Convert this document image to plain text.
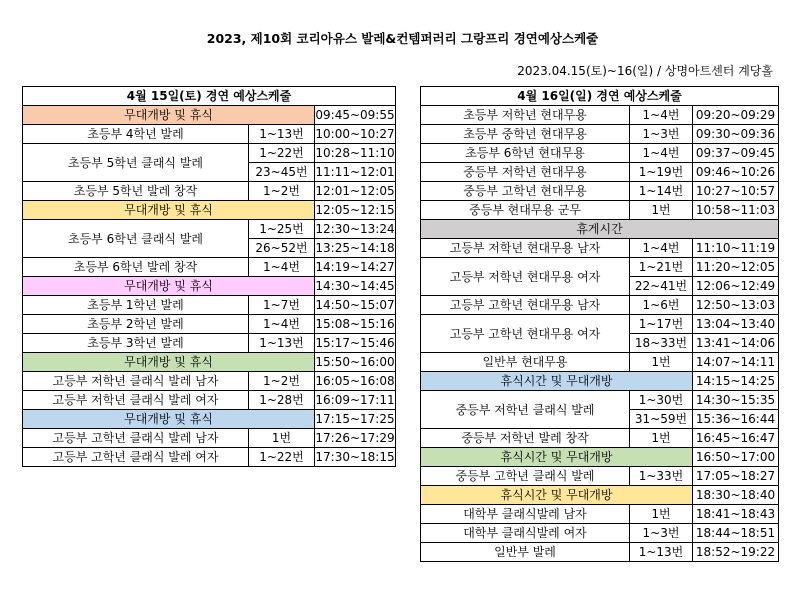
2023, 제10회 코리아유스 발레&컨템퍼러리 그랑프리 경연예상스케줄
2023.04.15(토)~16(일) / 상명아트센터 계당홀
4월 15일(토) 경연 예상스케줄		
무대개방 및 휴식		09:45~09:55
초등부 4학년 발레	1~13번	10:00~10:27
초등부 5학년 클래식 발레	1~22번	10:28~11:10
	23~45번	11:11~12:01
초등부 5학년 발레 창작	1~2번	12:01~12:05
무대개방 및 휴식		12:05~12:15
초등부 6학년 클래식 발레	1~25번	12:30~13:24
	26~52번	13:25~14:18
초등부 6학년 발레 창작	1~4번	14:19~14:27
무대개방 및 휴식		14:30~14:45
초등부 1학년 발레	1~7번	14:50~15:07
초등부 2학년 발레	1~4번	15:08~15:16
초등부 3학년 발레	1~13번	15:17~15:46
무대개방 및 휴식		15:50~16:00
고등부 저학년 클래식 발레 남자	1~2번	16:05~16:08
고등부 저학년 클래식 발레 여자	1~28번	16:09~17:11
무대개방 및 휴식		17:15~17:25
고등부 고학년 클래식 발레 남자	1번	17:26~17:29
고등부 고학년 클래식 발레 여자	1~22번	17:30~18:15
4월 16일(일) 경연 예상스케줄		
초등부 저학년 현대무용	1~4번	09:20~09:29
초등부 중학년 현대무용	1~3번	09:30~09:36
초등부 6학년 현대무용	1~4번	09:37~09:45
중등부 저학년 현대무용	1~19번	09:46~10:26
중등부 고학년 현대무용	1~14번	10:27~10:57
중등부 현대무용 군무	1번	10:58~11:03
휴게시간		
고등부 저학년 현대무용 남자	1~4번	11:10~11:19
고등부 저학년 현대무용 여자	1~21번	11:20~12:05
	22~41번	12:06~12:49
고등부 고학년 현대무용 남자	1~6번	12:50~13:03
고등부 고학년 현대무용 여자	1~17번	13:04~13:40
	18~33번	13:41~14:06
일반부 현대무용	1번	14:07~14:11
휴식시간 및 무대개방		14:15~14:25
중등부 저학년 클래식 발레	1~30번	14:30~15:35
	31~59번	15:36~16:44
중등부 저학년 발레 창작	1번	16:45~16:47
휴식시간 및 무대개방		16:50~17:00
중등부 고학년 클래식 발레	1~33번	17:05~18:27
휴식시간 및 무대개방		18:30~18:40
대학부 클래식발레 남자	1번	18:41~18:43
대학부 클래식발레 여자	1~3번	18:44~18:51
일반부 발레	1~13번	18:52~19:22
